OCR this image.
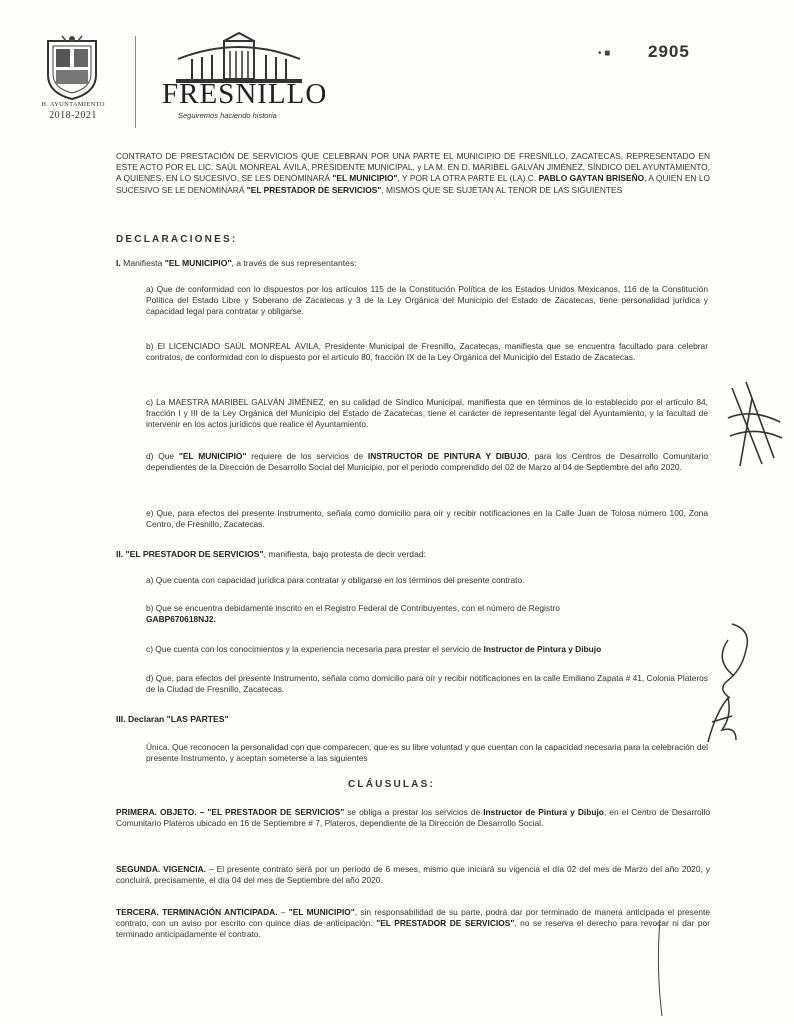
H. AYUNTAMIENTO
2018-2021
FRESNILLO
Seguiremos haciendo historia
• ■ 2905
CONTRATO DE PRESTACIÓN DE SERVICIOS QUE CELEBRAN POR UNA PARTE EL MUNICIPIO DE FRESNILLO, ZACATECAS, REPRESENTADO EN ESTE ACTO POR EL LIC. SAÚL MONREAL ÁVILA, PRESIDENTE MUNICIPAL, y LA M. EN D. MARIBEL GALVÁN JIMÉNEZ, SÍNDICO DEL AYUNTAMIENTO, A QUIENES, EN LO SUCESIVO, SE LES DENOMINARÁ "EL MUNICIPIO", Y POR LA OTRA PARTE EL (LA) C. PABLO GAYTAN BRISEÑO, A QUIEN EN LO SUCESIVO SE LE DENOMINARÁ "EL PRESTADOR DE SERVICIOS", MISMOS QUE SE SUJETAN AL TENOR DE LAS SIGUIENTES
DECLARACIONES:
I. Manifiesta "EL MUNICIPIO", a través de sus representantes:
a) Que de conformidad con lo dispuestos por los artículos 115 de la Constitución Política de los Estados Unidos Mexicanos, 116 de la Constitución Política del Estado Libre y Soberano de Zacatecas y 3 de la Ley Orgánica del Municipio del Estado de Zacatecas, tiene personalidad jurídica y capacidad legal para contratar y obligarse.
b) El LICENCIADO SAÚL MONREAL ÁVILA, Presidente Municipal de Fresnillo, Zacatecas, manifiesta que se encuentra facultado para celebrar contratos, de conformidad con lo dispuesto por el artículo 80, fracción IX de la Ley Orgánica del Municipio del Estado de Zacatecas.
c) La MAESTRA MARIBEL GALVÁN JIMÉNEZ, en su calidad de Síndico Municipal, manifiesta que en términos de lo establecido por el artículo 84, fracción I y III de la Ley Orgánica del Municipio del Estado de Zacatecas, tiene el carácter de representante legal del Ayuntamiento, y la facultad de intervenir en los actos jurídicos que realice el Ayuntamiento.
d) Que "EL MUNICIPIO" requiere de los servicios de INSTRUCTOR DE PINTURA Y DIBUJO, para los Centros de Desarrollo Comunitario dependientes de la Dirección de Desarrollo Social del Municipio, por el periodo comprendido del 02 de Marzo al 04 de Septiembre del año 2020.
e) Que, para efectos del presente Instrumento, señala como domicilio para oír y recibir notificaciones en la Calle Juan de Tolosa número 100, Zona Centro, de Fresnillo, Zacatecas.
II. "EL PRESTADOR DE SERVICIOS", manifiesta, bajo protesta de decir verdad:
a) Que cuenta con capacidad jurídica para contratar y obligarse en los términos del presente contrato.
b) Que se encuentra debidamente inscrito en el Registro Federal de Contribuyentes, con el número de Registro
GABP670618NJ2.
c) Que cuenta con los conocimientos y la experiencia necesaria para prestar el servicio de Instructor de Pintura y Dibujo
d) Que, para efectos del presente Instrumento, señala como domicilio para oír y recibir notificaciones en la calle Emiliano Zapata # 41, Colonia Plateros de la Ciudad de Fresnillo, Zacatecas.
III. Declaran "LAS PARTES"
Única. Que reconocen la personalidad con que comparecen, que es su libre voluntad y que cuentan con la capacidad necesaria para la celebración del presente Instrumento, y aceptan someterse a las siguientes
CLÁUSULAS:
PRIMERA. OBJETO. – "EL PRESTADOR DE SERVICIOS" se obliga a prestar los servicios de Instructor de Pintura y Dibujo, en el Centro de Desarrollo Comunitario Plateros ubicado en 16 de Septiembre # 7, Plateros, dependiente de la Dirección de Desarrollo Social.
SEGUNDA. VIGENCIA. – El presente contrato será por un periodo de 6 meses, mismo que iniciará su vigencia el día 02 del mes de Marzo del año 2020, y concluirá, precisamente, el día 04 del mes de Septiembre del año 2020.
TERCERA. TERMINACIÓN ANTICIPADA. – "EL MUNICIPIO", sin responsabilidad de su parte, podrá dar por terminado de manera anticipada el presente contrato, con un aviso por escrito con quince días de anticipación. "EL PRESTADOR DE SERVICIOS", no se reserva el derecho para revocar ni dar por terminado anticipadamente el contrato.
